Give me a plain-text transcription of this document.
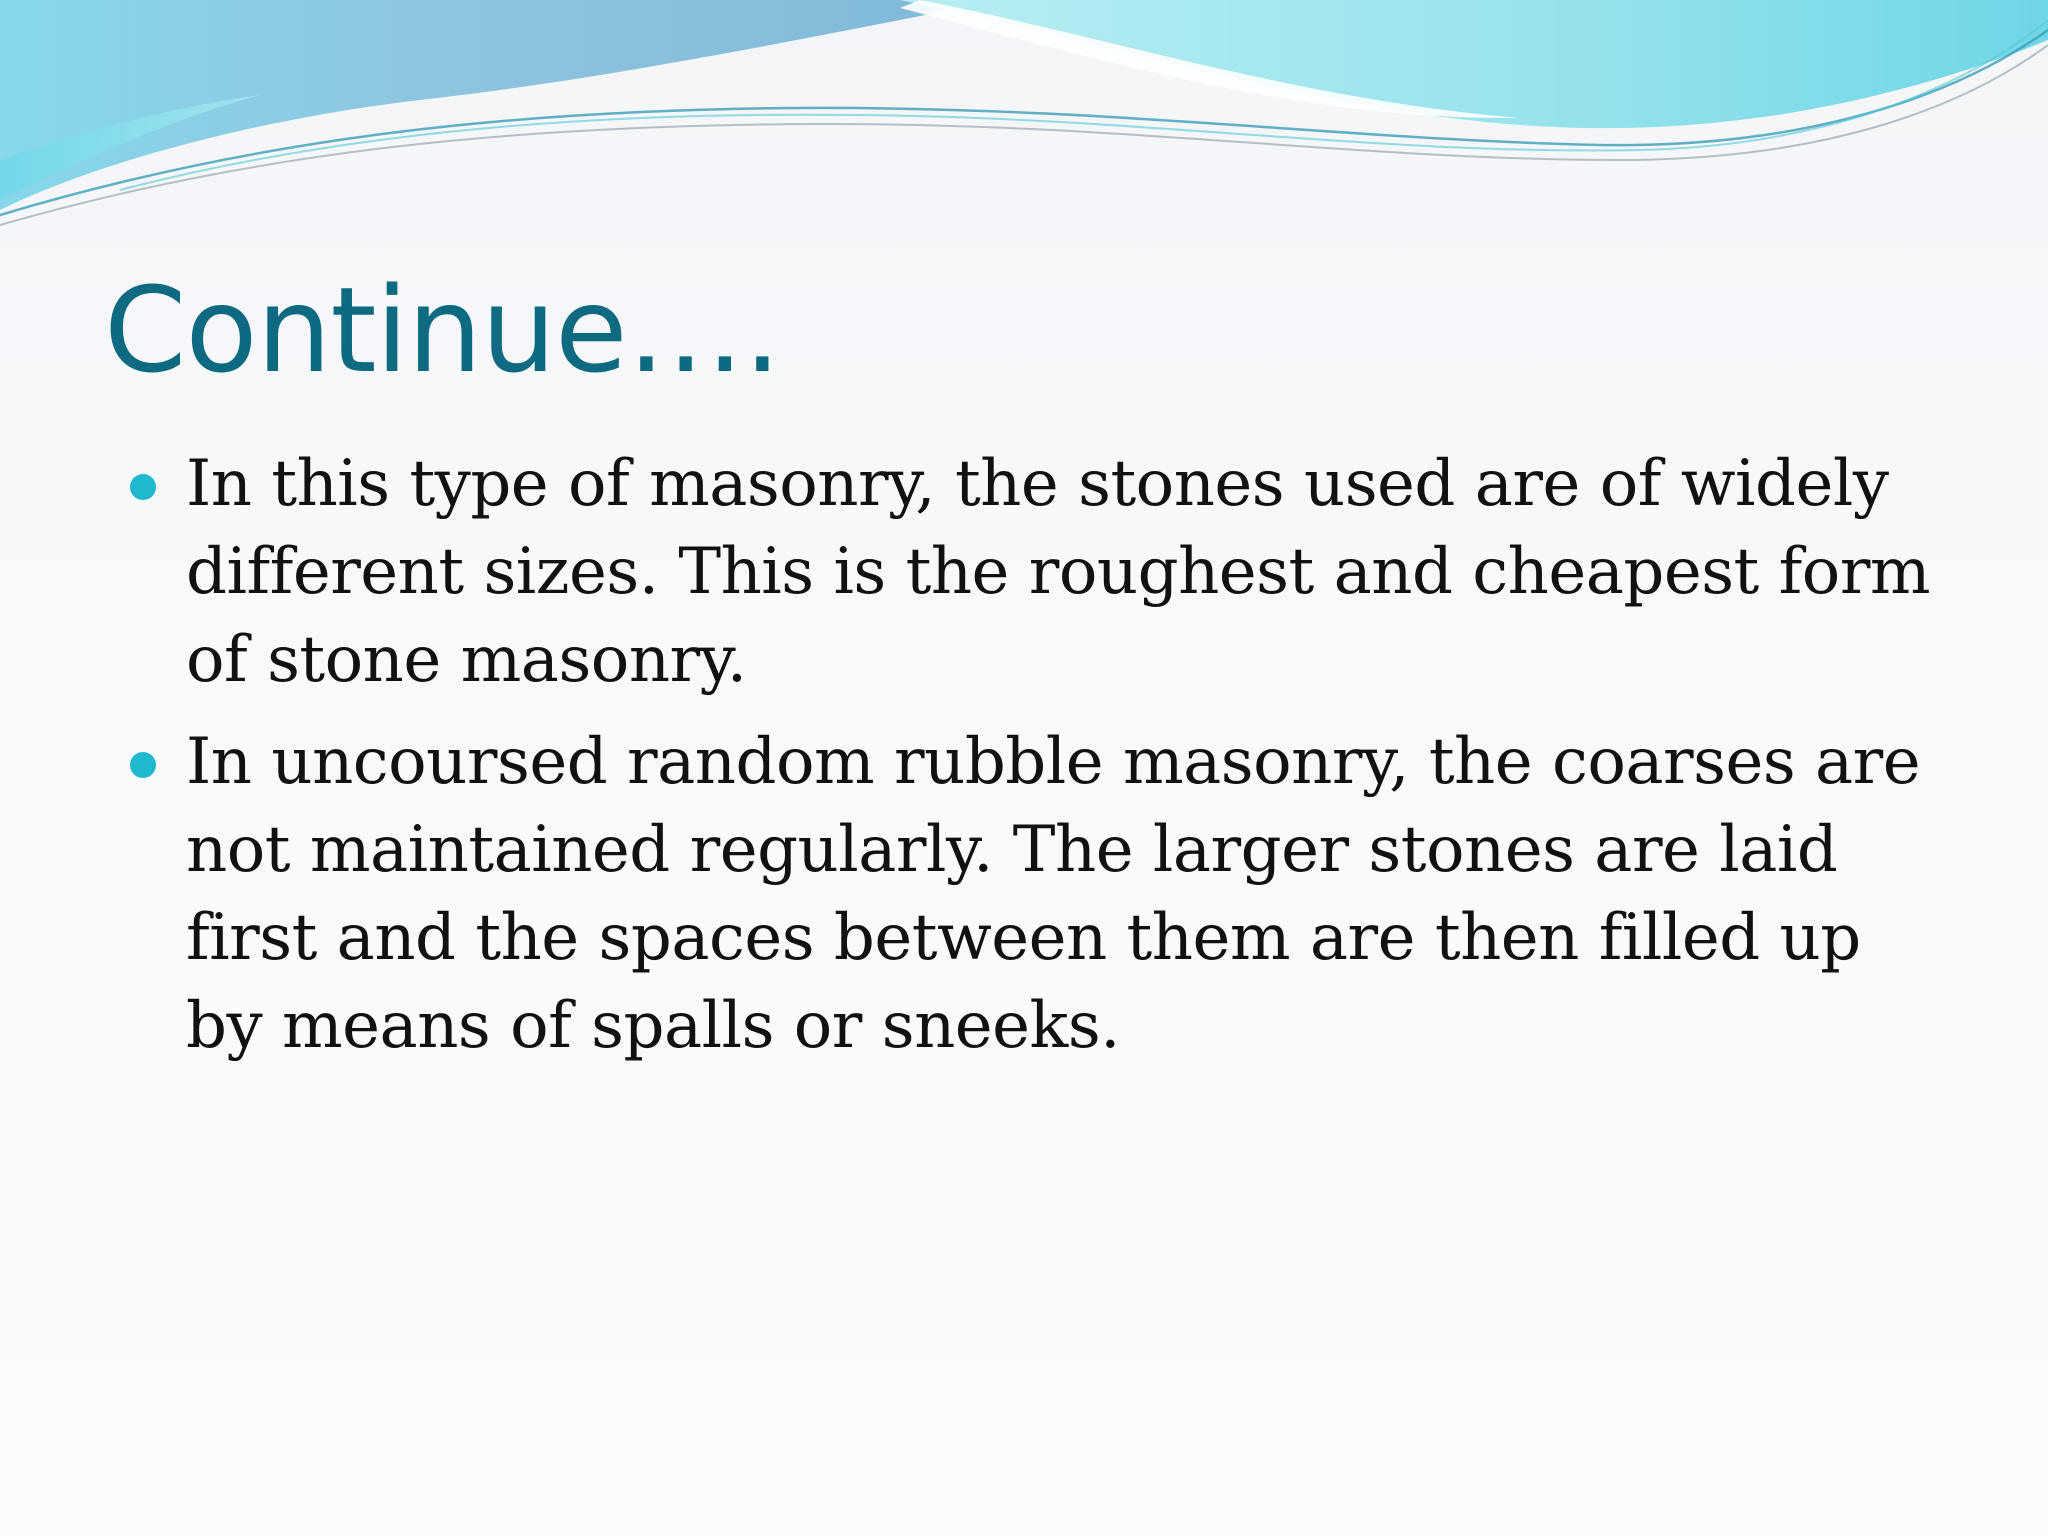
Continue….
In this type of masonry, the stones used are of widely different sizes. This is the roughest and cheapest form of stone masonry.
In uncoursed random rubble masonry, the coarses are not maintained regularly. The larger stones are laid first and the spaces between them are then filled up by means of spalls or sneeks.
